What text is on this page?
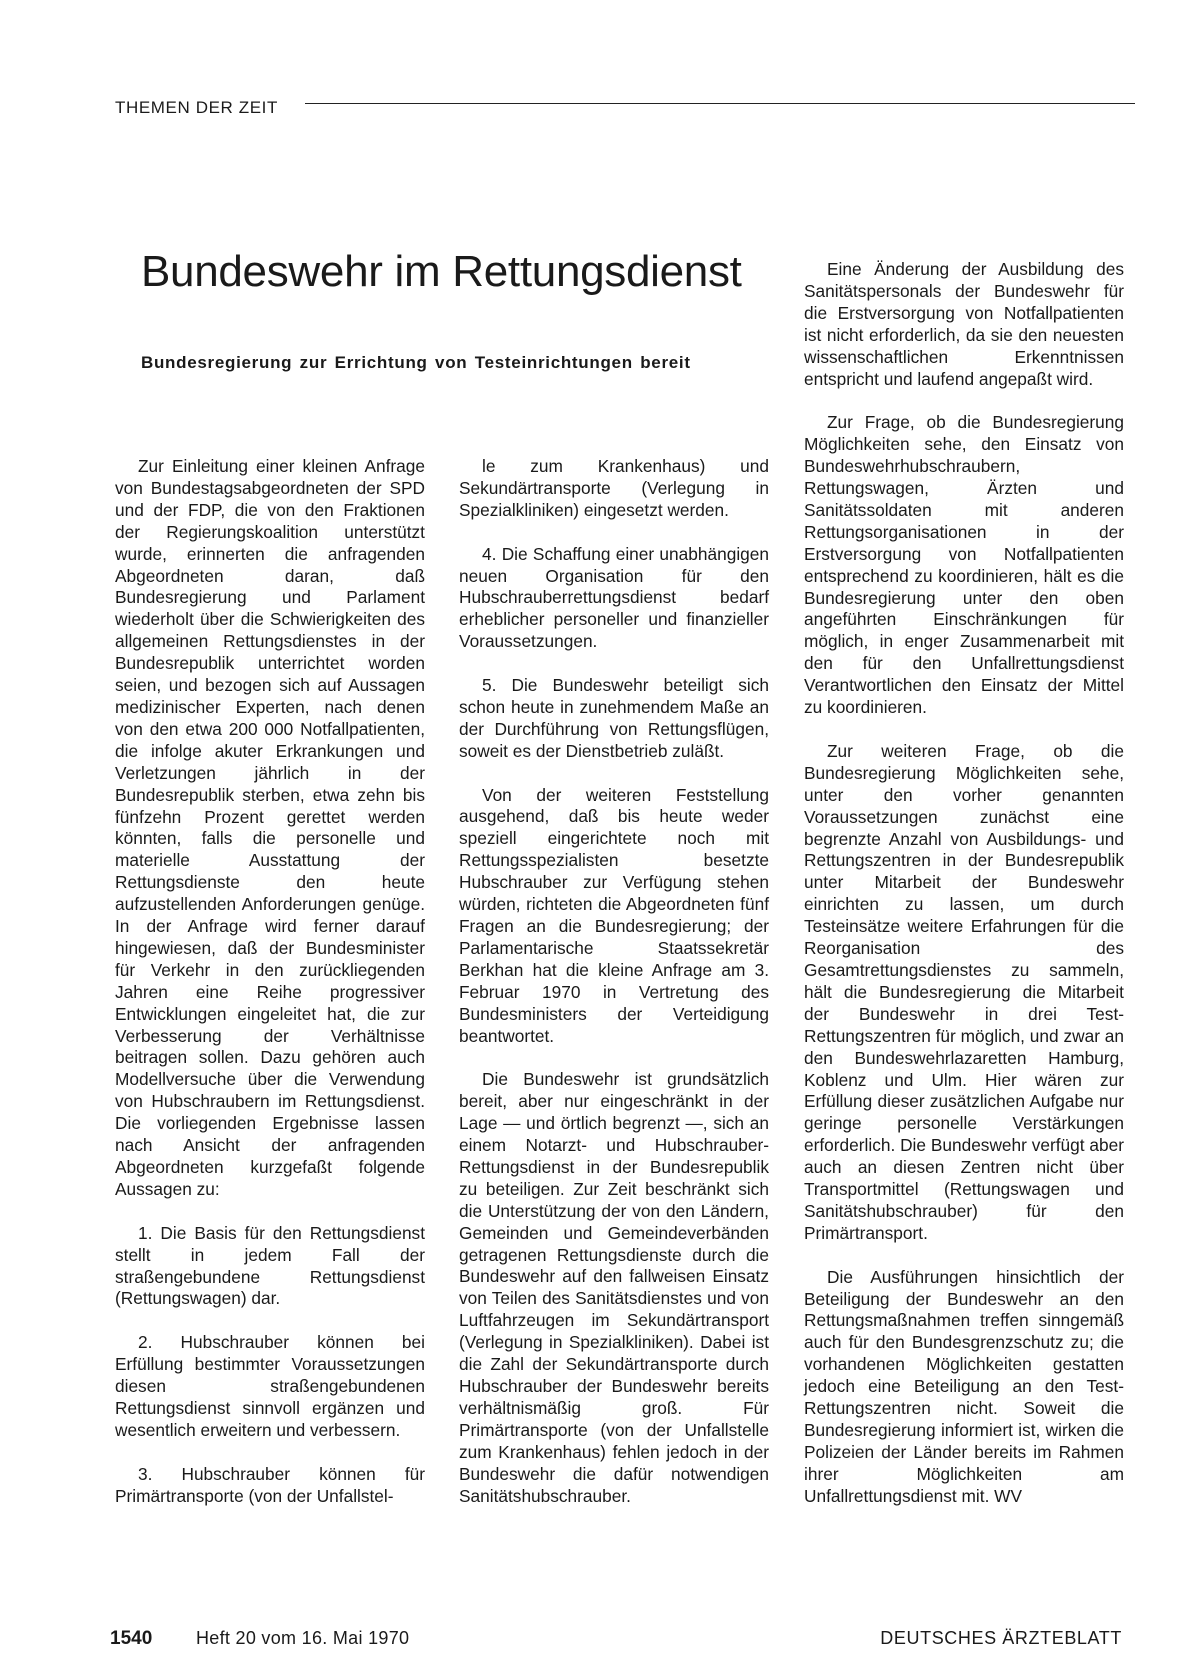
THEMEN DER ZEIT
Bundeswehr im Rettungsdienst
Bundesregierung zur Errichtung von Testeinrichtungen bereit

Zur Einleitung einer kleinen Anfrage von Bundestagsabgeordneten der SPD und der FDP, die von den Fraktionen der Regierungskoalition unterstützt wurde, erinnerten die anfragenden Abgeordneten daran, daß Bundesregierung und Parlament wiederholt über die Schwierigkeiten des allgemeinen Rettungsdienstes in der Bundesrepublik unterrichtet worden seien, und bezogen sich auf Aussagen medizinischer Experten, nach denen von den etwa 200 000 Notfallpatienten, die infolge akuter Erkrankungen und Verletzungen jährlich in der Bundesrepublik sterben, etwa zehn bis fünfzehn Prozent gerettet werden könnten, falls die personelle und materielle Ausstattung der Rettungsdienste den heute aufzustellenden Anforderungen genüge. In der Anfrage wird ferner darauf hingewiesen, daß der Bundesminister für Verkehr in den zurückliegenden Jahren eine Reihe progressiver Entwicklungen eingeleitet hat, die zur Verbesserung der Verhältnisse beitragen sollen. Dazu gehören auch Modellversuche über die Verwendung von Hubschraubern im Rettungsdienst. Die vorliegenden Ergebnisse lassen nach Ansicht der anfragenden Abgeordneten kurzgefaßt folgende Aussagen zu:

1. Die Basis für den Rettungsdienst stellt in jedem Fall der straßengebundene Rettungsdienst (Rettungswagen) dar.

2. Hubschrauber können bei Erfüllung bestimmter Voraussetzungen diesen straßengebundenen Rettungsdienst sinnvoll ergänzen und wesentlich erweitern und verbessern.

3. Hubschrauber können für Primärtransporte (von der Unfallstel-

le zum Krankenhaus) und Sekundärtransporte (Verlegung in Spezialkliniken) eingesetzt werden.

4. Die Schaffung einer unabhängigen neuen Organisation für den Hubschrauberrettungsdienst bedarf erheblicher personeller und finanzieller Voraussetzungen.

5. Die Bundeswehr beteiligt sich schon heute in zunehmendem Maße an der Durchführung von Rettungsflügen, soweit es der Dienstbetrieb zuläßt.

Von der weiteren Feststellung ausgehend, daß bis heute weder speziell eingerichtete noch mit Rettungsspezialisten besetzte Hubschrauber zur Verfügung stehen würden, richteten die Abgeordneten fünf Fragen an die Bundesregierung; der Parlamentarische Staatssekretär Berkhan hat die kleine Anfrage am 3. Februar 1970 in Vertretung des Bundesministers der Verteidigung beantwortet.

Die Bundeswehr ist grundsätzlich bereit, aber nur eingeschränkt in der Lage — und örtlich begrenzt —, sich an einem Notarzt- und Hubschrauber-Rettungsdienst in der Bundesrepublik zu beteiligen. Zur Zeit beschränkt sich die Unterstützung der von den Ländern, Gemeinden und Gemeindeverbänden getragenen Rettungsdienste durch die Bundeswehr auf den fallweisen Einsatz von Teilen des Sanitätsdienstes und von Luftfahrzeugen im Sekundärtransport (Verlegung in Spezialkliniken). Dabei ist die Zahl der Sekundärtransporte durch Hubschrauber der Bundeswehr bereits verhältnismäßig groß. Für Primärtransporte (von der Unfallstelle zum Krankenhaus) fehlen jedoch in der Bundeswehr die dafür notwendigen Sanitätshubschrauber.

Eine Änderung der Ausbildung des Sanitätspersonals der Bundeswehr für die Erstversorgung von Notfallpatienten ist nicht erforderlich, da sie den neuesten wissenschaftlichen Erkenntnissen entspricht und laufend angepaßt wird.

Zur Frage, ob die Bundesregierung Möglichkeiten sehe, den Einsatz von Bundeswehrhubschraubern, Rettungswagen, Ärzten und Sanitätssoldaten mit anderen Rettungsorganisationen in der Erstversorgung von Notfallpatienten entsprechend zu koordinieren, hält es die Bundesregierung unter den oben angeführten Einschränkungen für möglich, in enger Zusammenarbeit mit den für den Unfallrettungsdienst Verantwortlichen den Einsatz der Mittel zu koordinieren.

Zur weiteren Frage, ob die Bundesregierung Möglichkeiten sehe, unter den vorher genannten Voraussetzungen zunächst eine begrenzte Anzahl von Ausbildungs- und Rettungszentren in der Bundesrepublik unter Mitarbeit der Bundeswehr einrichten zu lassen, um durch Testeinsätze weitere Erfahrungen für die Reorganisation des Gesamtrettungsdienstes zu sammeln, hält die Bundesregierung die Mitarbeit der Bundeswehr in drei Test-Rettungszentren für möglich, und zwar an den Bundeswehrlazaretten Hamburg, Koblenz und Ulm. Hier wären zur Erfüllung dieser zusätzlichen Aufgabe nur geringe personelle Verstärkungen erforderlich. Die Bundeswehr verfügt aber auch an diesen Zentren nicht über Transportmittel (Rettungswagen und Sanitätshubschrauber) für den Primärtransport.

Die Ausführungen hinsichtlich der Beteiligung der Bundeswehr an den Rettungsmaßnahmen treffen sinngemäß auch für den Bundesgrenzschutz zu; die vorhandenen Möglichkeiten gestatten jedoch eine Beteiligung an den Test-Rettungszentren nicht. Soweit die Bundesregierung informiert ist, wirken die Polizeien der Länder bereits im Rahmen ihrer Möglichkeiten am Unfallrettungsdienst mit. WV

1540 Heft 20 vom 16. Mai 1970	DEUTSCHES ÄRZTEBLATT
